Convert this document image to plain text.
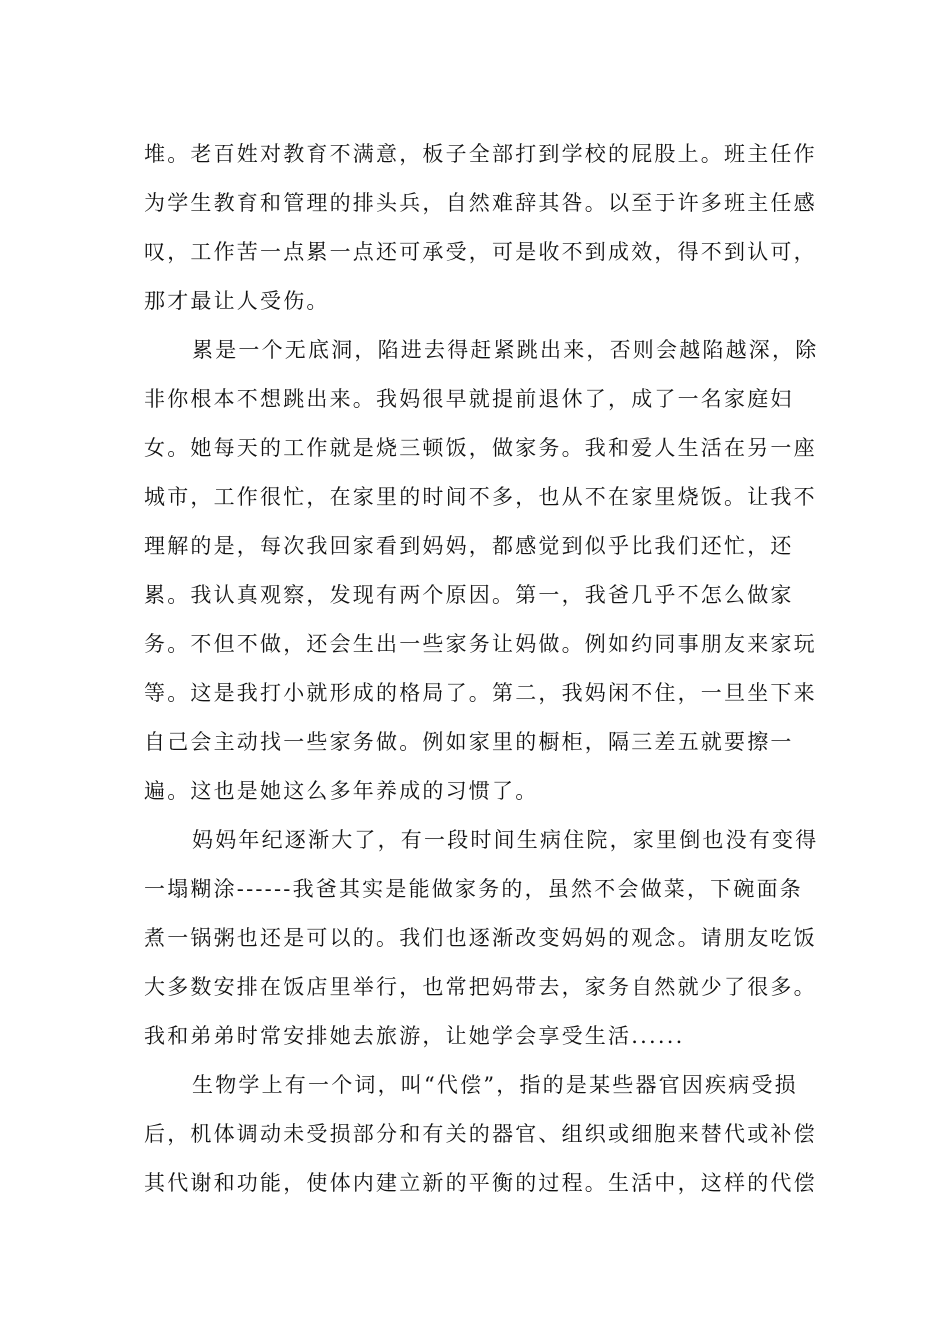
堆。老百姓对教育不满意，板子全部打到学校的屁股上。班主任作
为学生教育和管理的排头兵，自然难辞其咎。以至于许多班主任感
叹，工作苦一点累一点还可承受，可是收不到成效，得不到认可，
那才最让人受伤。
累是一个无底洞，陷进去得赶紧跳出来，否则会越陷越深，除
非你根本不想跳出来。我妈很早就提前退休了，成了一名家庭妇
女。她每天的工作就是烧三顿饭，做家务。我和爱人生活在另一座
城市，工作很忙，在家里的时间不多，也从不在家里烧饭。让我不
理解的是，每次我回家看到妈妈，都感觉到似乎比我们还忙，还
累。我认真观察，发现有两个原因。第一，我爸几乎不怎么做家
务。不但不做，还会生出一些家务让妈做。例如约同事朋友来家玩
等。这是我打小就形成的格局了。第二，我妈闲不住，一旦坐下来
自己会主动找一些家务做。例如家里的橱柜，隔三差五就要擦一
遍。这也是她这么多年养成的习惯了。
妈妈年纪逐渐大了，有一段时间生病住院，家里倒也没有变得
一塌糊涂------我爸其实是能做家务的，虽然不会做菜，下碗面条
煮一锅粥也还是可以的。我们也逐渐改变妈妈的观念。请朋友吃饭
大多数安排在饭店里举行，也常把妈带去，家务自然就少了很多。
我和弟弟时常安排她去旅游，让她学会享受生活......
生物学上有一个词，叫“代偿”，指的是某些器官因疾病受损
后，机体调动未受损部分和有关的器官、组织或细胞来替代或补偿
其代谢和功能，使体内建立新的平衡的过程。生活中，这样的代偿
